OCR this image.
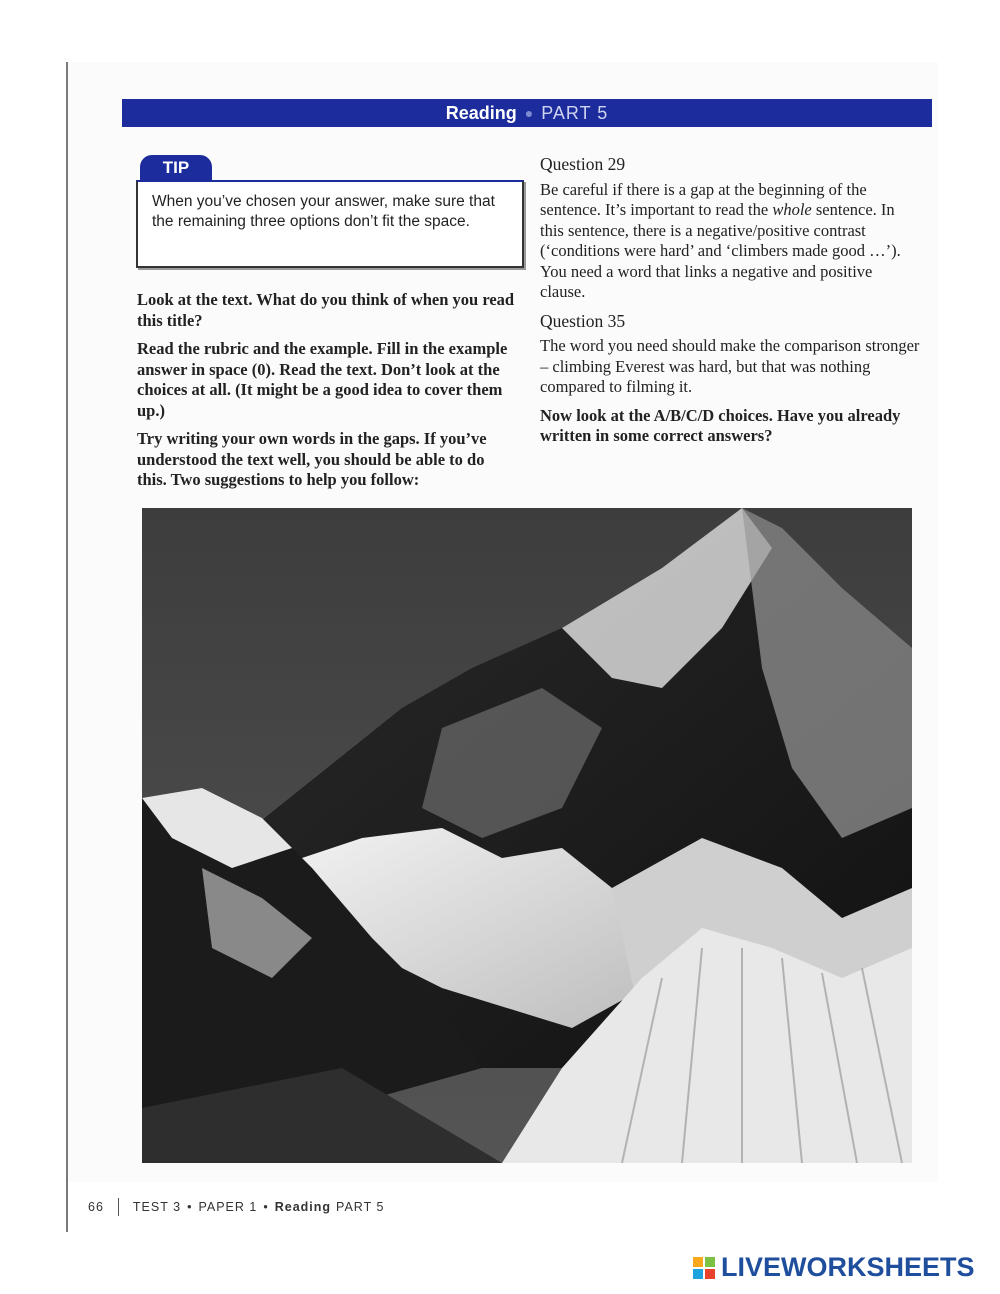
Reading ● PART 5
TIP
When you’ve chosen your answer, make sure that the remaining three options don’t fit the space.

Look at the text. What do you think of when you read this title?

Read the rubric and the example. Fill in the example answer in space (0). Read the text. Don’t look at the choices at all. (It might be a good idea to cover them up.)

Try writing your own words in the gaps. If you’ve understood the text well, you should be able to do this. Two suggestions to help you follow:

Question 29

Be careful if there is a gap at the beginning of the sentence. It’s important to read the whole sentence. In this sentence, there is a negative/positive contrast (‘conditions were hard’ and ‘climbers made good …’). You need a word that links a negative and positive clause.

Question 35

The word you need should make the comparison stronger – climbing Everest was hard, but that was nothing compared to filming it.

Now look at the A/B/C/D choices. Have you already written in some correct answers?

66 TEST 3 • PAPER 1 • Reading PART 5
LIVEWORKSHEETS
